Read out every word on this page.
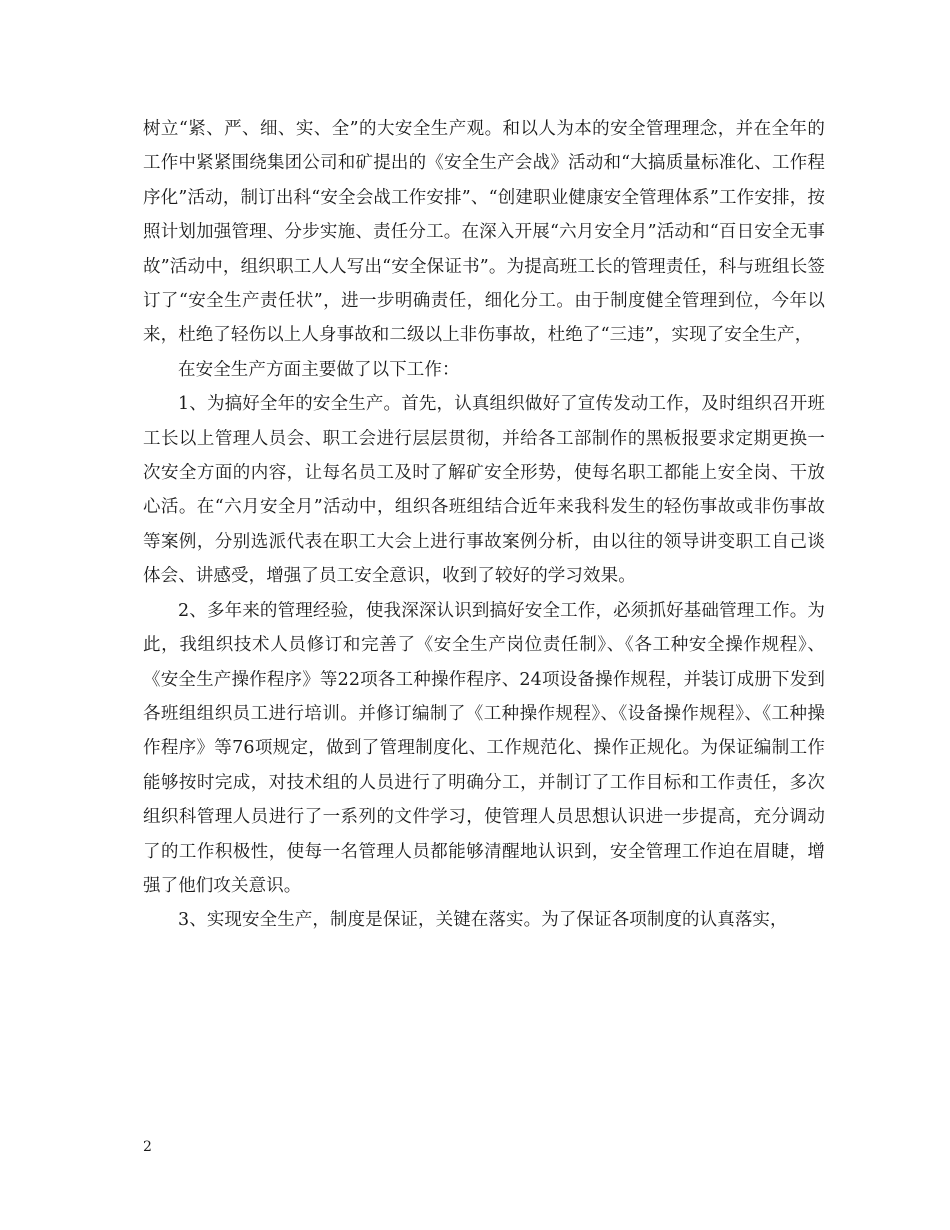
树立“紧、严、细、实、全”的大安全生产观。和以人为本的安全管理理念，并在全年的工作中紧紧围绕集团公司和矿提出的《安全生产会战》活动和“大搞质量标准化、工作程序化”活动，制订出科“安全会战工作安排”、“创建职业健康安全管理体系”工作安排，按照计划加强管理、分步实施、责任分工。在深入开展“六月安全月”活动和“百日安全无事故”活动中，组织职工人人写出“安全保证书”。为提高班工长的管理责任，科与班组长签订了“安全生产责任状”，进一步明确责任，细化分工。由于制度健全管理到位，今年以来，杜绝了轻伤以上人身事故和二级以上非伤事故，杜绝了“三违”，实现了安全生产，

在安全生产方面主要做了以下工作：

1、为搞好全年的安全生产。首先，认真组织做好了宣传发动工作，及时组织召开班工长以上管理人员会、职工会进行层层贯彻，并给各工部制作的黑板报要求定期更换一次安全方面的内容，让每名员工及时了解矿安全形势，使每名职工都能上安全岗、干放心活。在“六月安全月”活动中，组织各班组结合近年来我科发生的轻伤事故或非伤事故等案例，分别选派代表在职工大会上进行事故案例分析，由以往的领导讲变职工自己谈体会、讲感受，增强了员工安全意识，收到了较好的学习效果。

2、多年来的管理经验，使我深深认识到搞好安全工作，必须抓好基础管理工作。为此，我组织技术人员修订和完善了《安全生产岗位责任制》、《各工种安全操作规程》、《安全生产操作程序》等22项各工种操作程序、24项设备操作规程，并装订成册下发到各班组组织员工进行培训。并修订编制了《工种操作规程》、《设备操作规程》、《工种操作程序》等76项规定，做到了管理制度化、工作规范化、操作正规化。为保证编制工作能够按时完成，对技术组的人员进行了明确分工，并制订了工作目标和工作责任，多次组织科管理人员进行了一系列的文件学习，使管理人员思想认识进一步提高，充分调动了的工作积极性，使每一名管理人员都能够清醒地认识到，安全管理工作迫在眉睫，增强了他们攻关意识。

3、实现安全生产，制度是保证，关键在落实。为了保证各项制度的认真落实，

2
